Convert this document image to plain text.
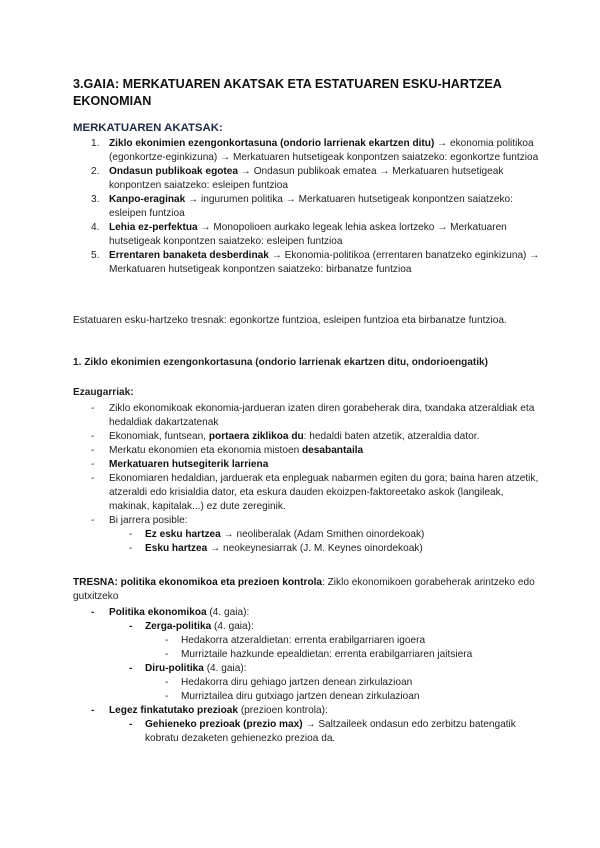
3.GAIA: MERKATUAREN AKATSAK ETA ESTATUAREN ESKU-HARTZEA EKONOMIAN
MERKATUAREN AKATSAK:
1. Ziklo ekonimien ezengonkortasuna (ondorio larrienak ekartzen ditu) → ekonomia politikoa (egonkortze-eginkizuna) → Merkatuaren hutsetigeak konpontzen saiatzeko: egonkortze funtzioa
2. Ondasun publikoak egotea → Ondasun publikoak ematea → Merkatuaren hutsetigeak konpontzen saiatzeko: esleipen funtzioa
3. Kanpo-eraginak → ingurumen politika → Merkatuaren hutsetigeak konpontzen saiatzeko: esleipen funtzioa
4. Lehia ez-perfektua → Monopolioen aurkako legeak lehia askea lortzeko → Merkatuaren hutsetigeak konpontzen saiatzeko: esleipen funtzioa
5. Errentaren banaketa desberdinak → Ekonomia-politikoa (errentaren banatzeko eginkizuna) → Merkatuaren hutsetigeak konpontzen saiatzeko: birbanatze funtzioa
Estatuaren esku-hartzeko tresnak: egonkortze funtzioa, esleipen funtzioa eta birbanatze funtzioa.
1. Ziklo ekonimien ezengonkortasuna (ondorio larrienak ekartzen ditu, ondorioengatik)
Ezaugarriak:
- Ziklo ekonomikoak ekonomia-jardueran izaten diren gorabeherak dira, txandaka atzeraldiak eta hedaldiak dakartzatenak
- Ekonomiak, funtsean, portaera ziklikoa du: hedaldi baten atzetik, atzeraldia dator.
- Merkatu ekonomien eta ekonomia mistoen desabantaila
- Merkatuaren hutsegiterik larriena
- Ekonomiaren hedaldian, jarduerak eta enpleguak nabarmen egiten du gora; baina haren atzetik, atzeraldi edo krisialdia dator, eta eskura dauden ekoizpen-faktoreetako askok (langileak, makinak, kapitalak...) ez dute zereginik.
- Bi jarrera posible:
- Ez esku hartzea → neoliberalak (Adam Smithen oinordekoak)
- Esku hartzea → neokeynesiarrak (J. M. Keynes oinordekoak)
TRESNA: politika ekonomikoa eta prezioen kontrola: Ziklo ekonomikoen gorabeherak arintzeko edo gutxitzeko
- Politika ekonomikoa (4. gaia):
- Zerga-politika (4. gaia):
- Hedakorra atzeraldietan: errenta erabilgarriaren igoera
- Murriztaile hazkunde epealdietan: errenta erabilgarriaren jaitsiera
- Diru-politika (4. gaia):
- Hedakorra diru gehiago jartzen denean zirkulazioan
- Murriztailea diru gutxiago jartzen denean zirkulazioan
- Legez finkatutako prezioak (prezioen kontrola):
- Gehieneko prezioak (prezio max) → Saltzaileek ondasun edo zerbitzu batengatik kobratu dezaketen gehienezko prezioa da.
